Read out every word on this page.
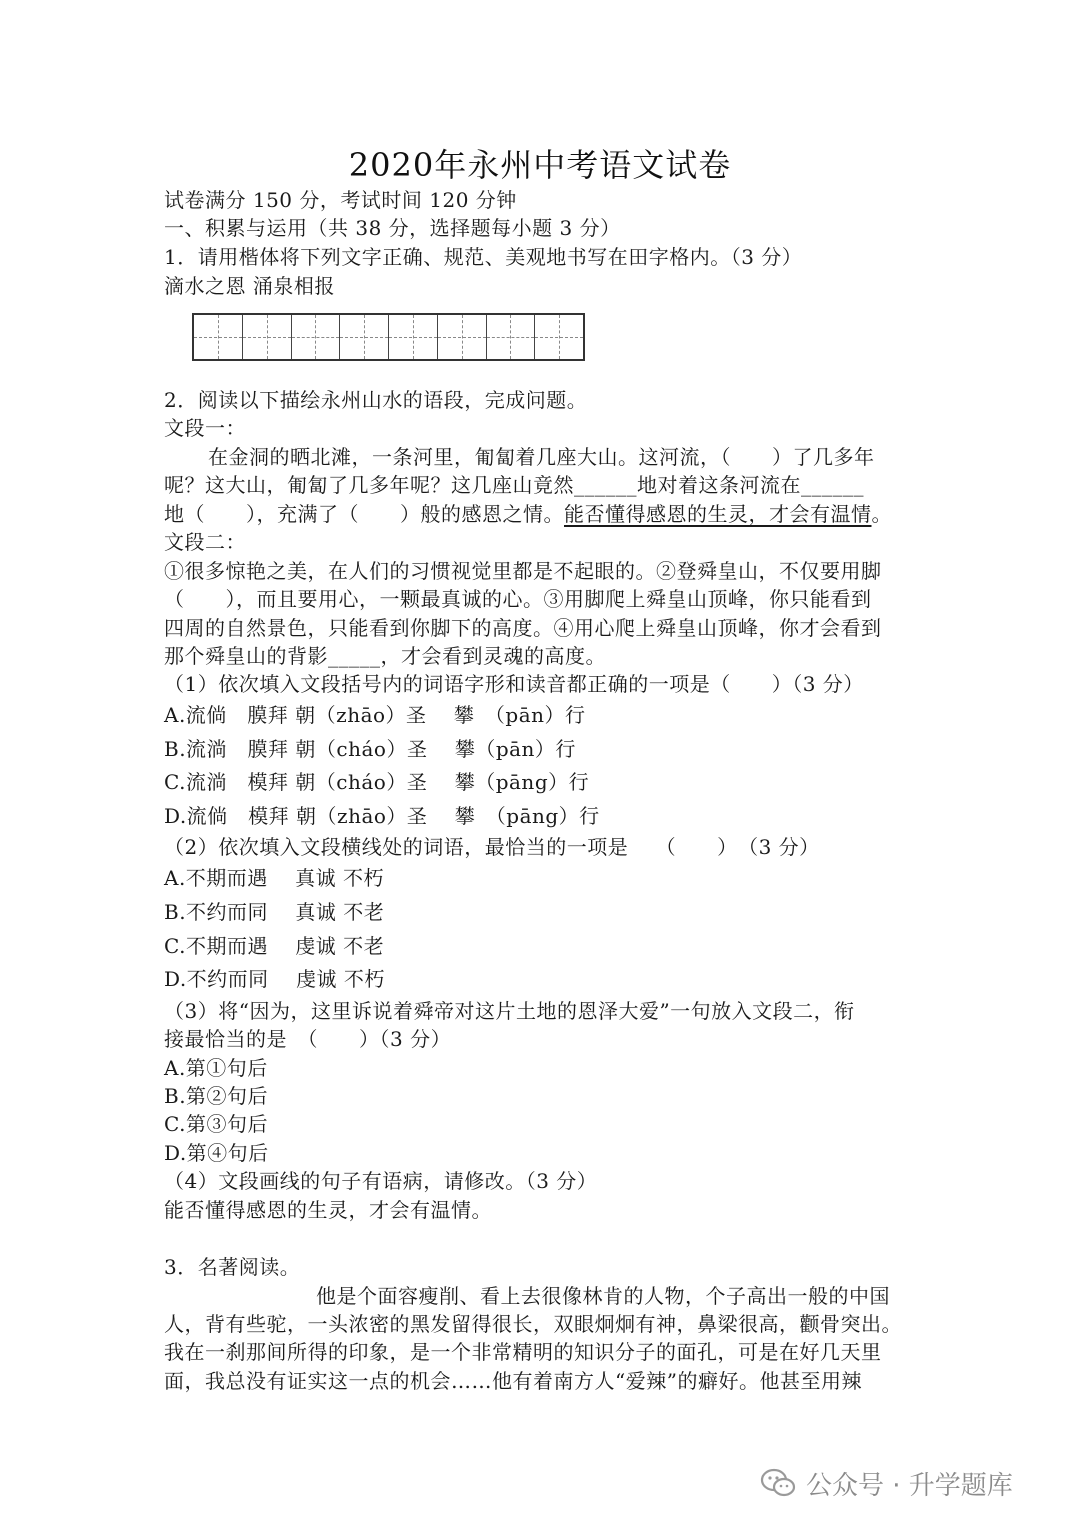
2020年永州中考语文试卷
试卷满分 150 分，考试时间 120 分钟
一、积累与运用（共 38 分，选择题每小题 3 分）
1．请用楷体将下列文字正确、规范、美观地书写在田字格内。（3 分）
滴水之恩 涌泉相报
2．阅读以下描绘永州山水的语段，完成问题。
文段一：
在金洞的晒北滩，一条河里，匍匐着几座大山。这河流，（　　）了几多年
呢？这大山，匍匐了几多年呢？这几座山竟然______地对着这条河流在______
地（　　），充满了（　　）般的感恩之情。能否懂得感恩的生灵，才会有温情。
文段二：
①很多惊艳之美，在人们的习惯视觉里都是不起眼的。②登舜皇山，不仅要用脚
（　　），而且要用心，一颗最真诚的心。③用脚爬上舜皇山顶峰，你只能看到
四周的自然景色，只能看到你脚下的高度。④用心爬上舜皇山顶峰，你才会看到
那个舜皇山的背影_____，才会看到灵魂的高度。
（1）依次填入文段括号内的词语字形和读音都正确的一项是（　　）（3 分）
A.流倘　膜拜 朝（zhāo）圣　 攀　（pān）行
B.流淌　膜拜 朝（cháo）圣　 攀（pān）行
C.流淌　模拜 朝（cháo）圣　 攀（pāng）行
D.流倘　模拜 朝（zhāo）圣　 攀　（pāng）行
（2）依次填入文段横线处的词语，最恰当的一项是　 （　　）　（3 分）
A.不期而遇　 真诚 不朽
B.不约而同　 真诚 不老
C.不期而遇　 虔诚 不老
D.不约而同　 虔诚 不朽
（3）将“因为，这里诉说着舜帝对这片土地的恩泽大爱”一句放入文段二，衔
接最恰当的是　（　　）（3 分）
A.第①句后
B.第②句后
C.第③句后
D.第④句后
（4）文段画线的句子有语病，请修改。（3 分）
能否懂得感恩的生灵，才会有温情。
3．名著阅读。
他是个面容瘦削、看上去很像林肯的人物，个子高出一般的中国
人，背有些驼，一头浓密的黑发留得很长，双眼炯炯有神，鼻梁很高，颧骨突出。
我在一刹那间所得的印象，是一个非常精明的知识分子的面孔，可是在好几天里
面，我总没有证实这一点的机会……他有着南方人“爱辣”的癖好。他甚至用辣
公众号 · 升学题库
